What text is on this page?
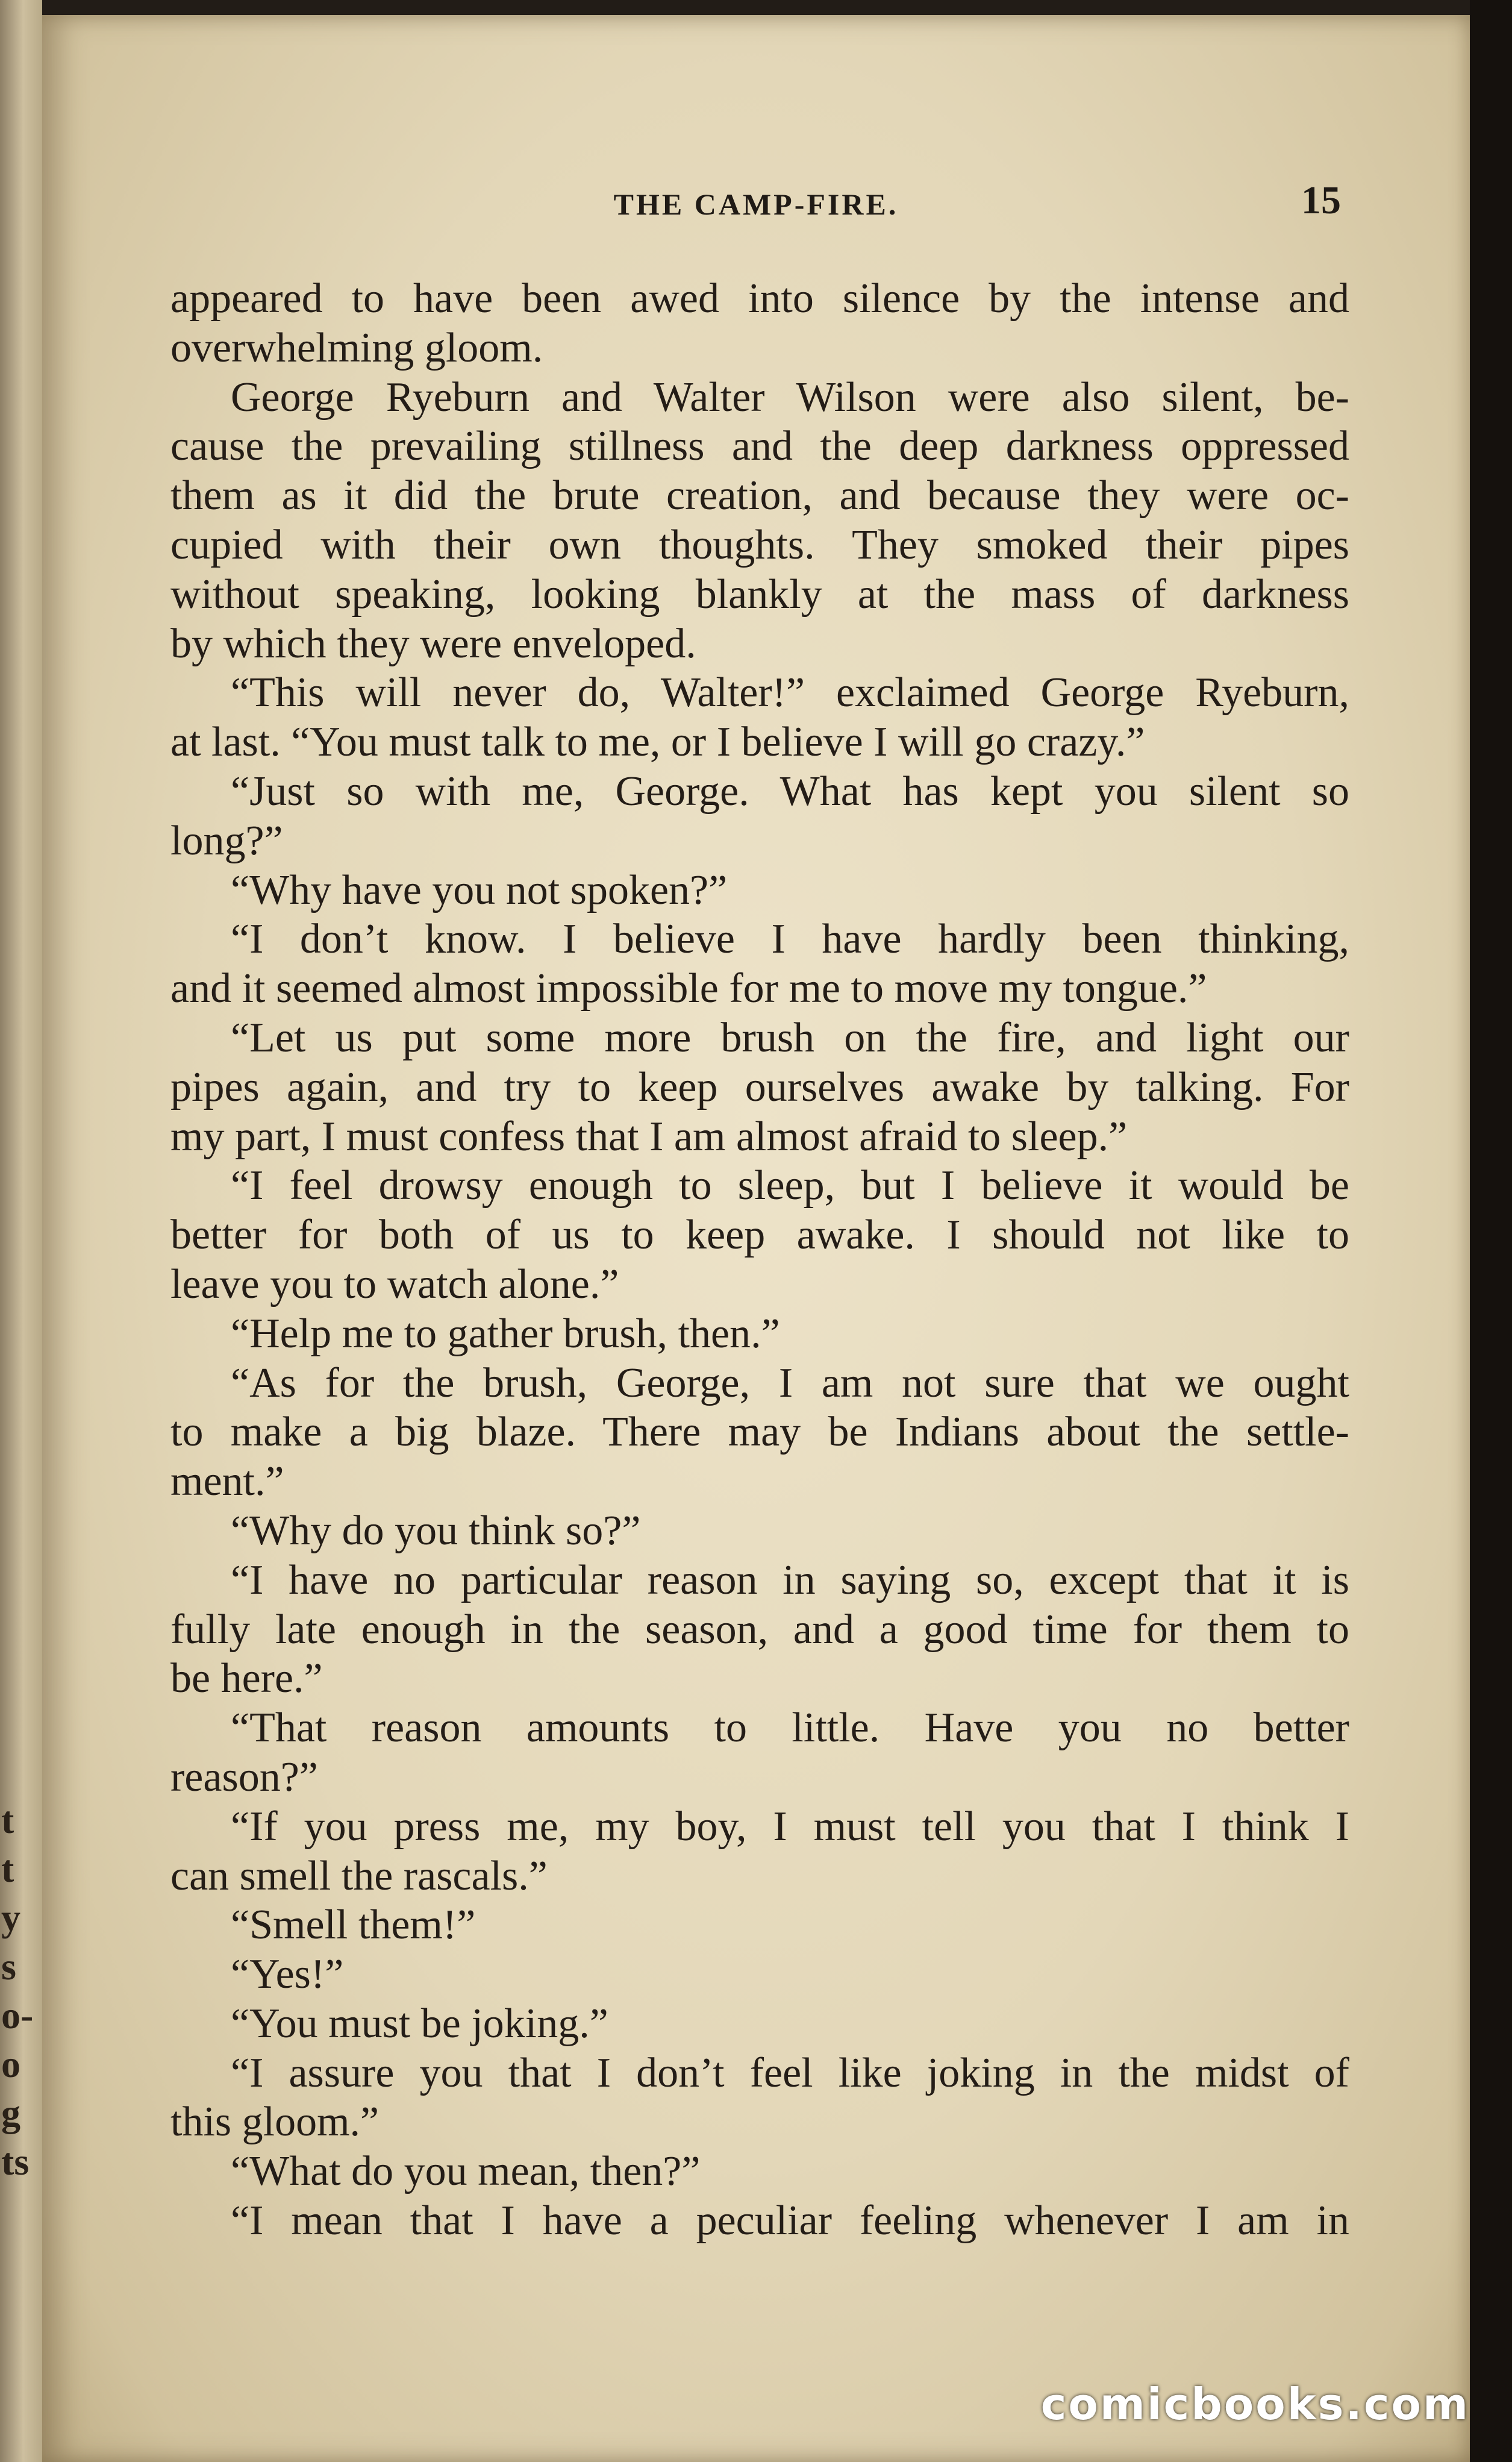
t
t
y
s
o-
o
g
ts
THE CAMP-FIRE.	15

appeared to have been awed into silence by the intense and

overwhelming gloom.

George Ryeburn and Walter Wilson were also silent, be-

cause the prevailing stillness and the deep darkness oppressed

them as it did the brute creation, and because they were oc-

cupied with their own thoughts. They smoked their pipes

without speaking, looking blankly at the mass of darkness

by which they were enveloped.

“This will never do, Walter!” exclaimed George Ryeburn,

at last. “You must talk to me, or I believe I will go crazy.”

“Just so with me, George. What has kept you silent so

long?”

“Why have you not spoken?”

“I don’t know. I believe I have hardly been thinking,

and it seemed almost impossible for me to move my tongue.”

“Let us put some more brush on the fire, and light our

pipes again, and try to keep ourselves awake by talking. For

my part, I must confess that I am almost afraid to sleep.”

“I feel drowsy enough to sleep, but I believe it would be

better for both of us to keep awake. I should not like to

leave you to watch alone.”

“Help me to gather brush, then.”

“As for the brush, George, I am not sure that we ought

to make a big blaze. There may be Indians about the settle-

ment.”

“Why do you think so?”

“I have no particular reason in saying so, except that it is

fully late enough in the season, and a good time for them to

be here.”

“That reason amounts to little. Have you no better

reason?”

“If you press me, my boy, I must tell you that I think I

can smell the rascals.”

“Smell them!”

“Yes!”

“You must be joking.”

“I assure you that I don’t feel like joking in the midst of

this gloom.”

“What do you mean, then?”

“I mean that I have a peculiar feeling whenever I am in

comicbooks.com
